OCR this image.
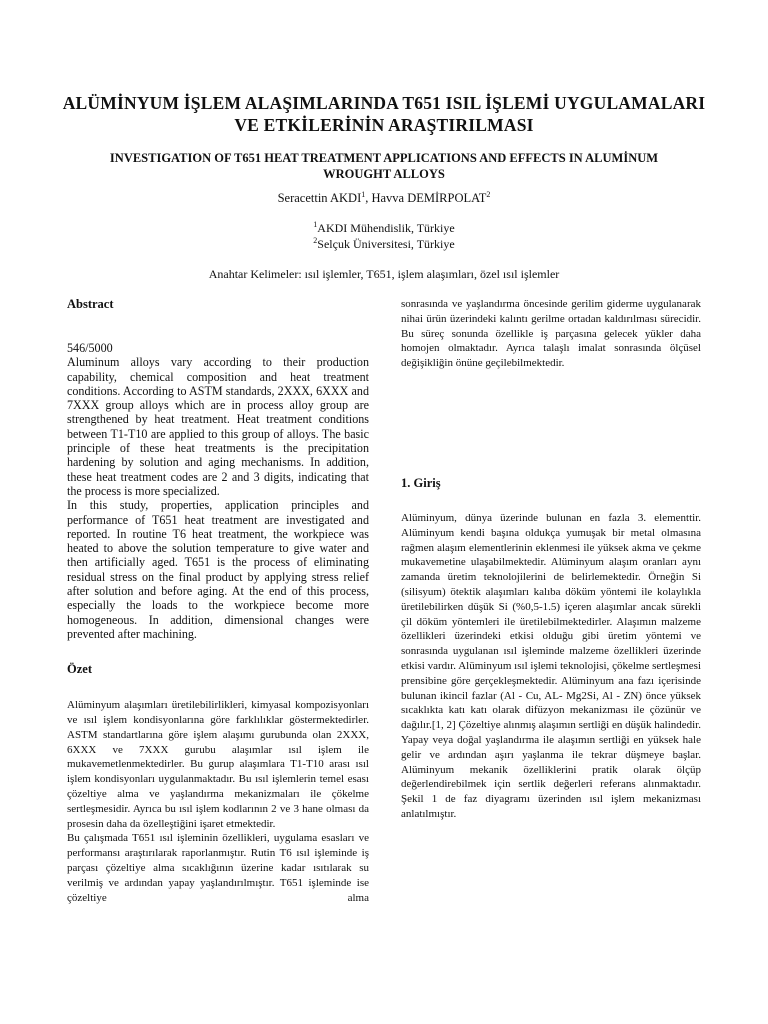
ALÜMİNYUM İŞLEM ALAŞIMLARINDA T651 ISIL İŞLEMİ UYGULAMALARI VE ETKİLERİNİN ARAŞTIRILMASI
INVESTIGATION OF T651 HEAT TREATMENT APPLICATIONS AND EFFECTS IN ALUMİNUM WROUGHT ALLOYS
Seracettin AKDI$^1$, Havva DEMİRPOLAT$^2$
$^1$AKDI Mühendislik, Türkiye
$^2$Selçuk Üniversitesi, Türkiye
Anahtar Kelimeler: ısıl işlemler, T651, işlem alaşımları, özel ısıl işlemler

Abstract

546/5000

Aluminum alloys vary according to their production capability, chemical composition and heat treatment conditions. According to ASTM standards, 2XXX, 6XXX and 7XXX group alloys which are in process alloy group are strengthened by heat treatment. Heat treatment conditions between T1-T10 are applied to this group of alloys. The basic principle of these heat treatments is the precipitation hardening by solution and aging mechanisms. In addition, these heat treatment codes are 2 and 3 digits, indicating that the process is more specialized.

In this study, properties, application principles and performance of T651 heat treatment are investigated and reported. In routine T6 heat treatment, the workpiece was heated to above the solution temperature to give water and then artificially aged. T651 is the process of eliminating residual stress on the final product by applying stress relief after solution and before aging. At the end of this process, especially the loads to the workpiece become more homogeneous. In addition, dimensional changes were prevented after machining.

Özet

Alüminyum alaşımları üretilebilirlikleri, kimyasal kompozisyonları ve ısıl işlem kondisyonlarına göre farklılıklar göstermektedirler. ASTM standartlarına göre işlem alaşımı gurubunda olan 2XXX, 6XXX ve 7XXX gurubu alaşımlar ısıl işlem ile mukavemetlenmektedirler. Bu gurup alaşımlara T1-T10 arası ısıl işlem kondisyonları uygulanmaktadır. Bu ısıl işlemlerin temel esası çözeltiye alma ve yaşlandırma mekanizmaları ile çökelme sertleşmesidir. Ayrıca bu ısıl işlem kodlarının 2 ve 3 hane olması da prosesin daha da özelleştiğini işaret etmektedir.

Bu çalışmada T651 ısıl işleminin özellikleri, uygulama esasları ve performansı araştırılarak raporlanmıştır. Rutin T6 ısıl işleminde iş parçası çözeltiye alma sıcaklığının üzerine kadar ısıtılarak su verilmiş ve ardından yapay yaşlandırılmıştır. T651 işleminde ise çözeltiye alma

sonrasında ve yaşlandırma öncesinde gerilim giderme uygulanarak nihai ürün üzerindeki kalıntı gerilme ortadan kaldırılması sürecidir. Bu süreç sonunda özellikle iş parçasına gelecek yükler daha homojen olmaktadır. Ayrıca talaşlı imalat sonrasında ölçüsel değişikliğin önüne geçilebilmektedir.

1. Giriş

Alüminyum, dünya üzerinde bulunan en fazla 3. elementtir. Alüminyum kendi başına oldukça yumuşak bir metal olmasına rağmen alaşım elementlerinin eklenmesi ile yüksek akma ve çekme mukavemetine ulaşabilmektedir. Alüminyum alaşım oranları aynı zamanda üretim teknolojilerini de belirlemektedir. Örneğin Si (silisyum) ötektik alaşımları kalıba döküm yöntemi ile kolaylıkla üretilebilirken düşük Si (%0,5-1.5) içeren alaşımlar ancak sürekli çil döküm yöntemleri ile üretilebilmektedirler. Alaşımın malzeme özellikleri üzerindeki etkisi olduğu gibi üretim yöntemi ve sonrasında uygulanan ısıl işleminde malzeme özellikleri üzerinde etkisi vardır. Alüminyum ısıl işlemi teknolojisi, çökelme sertleşmesi prensibine göre gerçekleşmektedir. Alüminyum ana fazı içerisinde bulunan ikincil fazlar (Al - Cu, AL- Mg2Si, Al - ZN) önce yüksek sıcaklıkta katı katı olarak difüzyon mekanizması ile çözünür ve dağılır.[1, 2] Çözeltiye alınmış alaşımın sertliği en düşük halindedir. Yapay veya doğal yaşlandırma ile alaşımın sertliği en yüksek hale gelir ve ardından aşırı yaşlanma ile tekrar düşmeye başlar. Alüminyum mekanik özelliklerini pratik olarak ölçüp değerlendirebilmek için sertlik değerleri referans alınmaktadır. Şekil 1 de faz diyagramı üzerinden ısıl işlem mekanizması anlatılmıştır.
